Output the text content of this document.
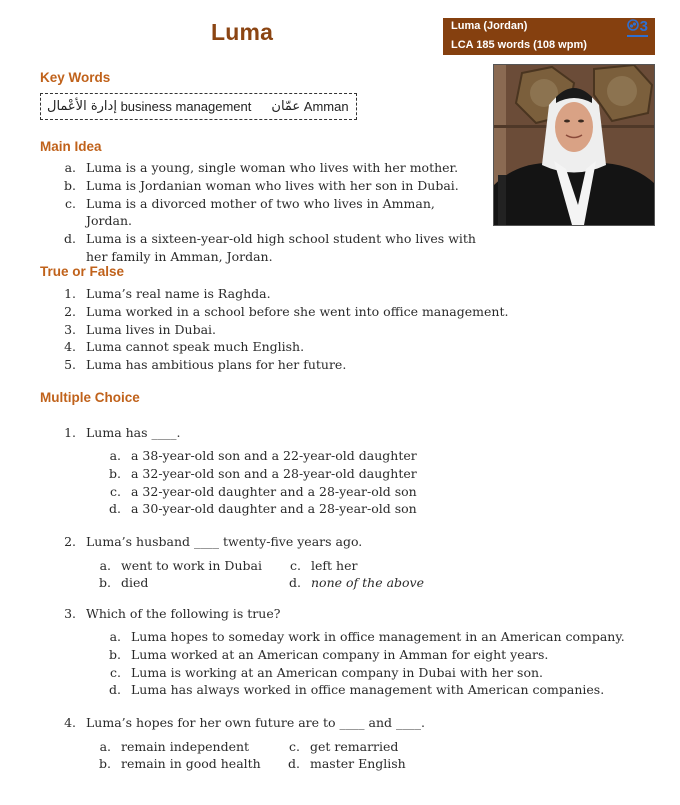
Luma	Luma (Jordan)
LCA 185 words (108 wpm)
3
Key Words
إدارة الأعْمال
business management عمّان
Amman
Main Idea
a. Luma is a young, single woman who lives with her mother.
b. Luma is Jordanian woman who lives with her son in Dubai.
c. Luma is a divorced mother of two who lives in Amman, Jordan.
d. Luma is a sixteen-year-old high school student who lives with
her family in Amman, Jordan.
True or False
1. Luma’s real name is Raghda.
2. Luma worked in a school before she went into office management.
3. Luma lives in Dubai.
4. Luma cannot speak much English.
5. Luma has ambitious plans for her future.
Multiple Choice
1. Luma has ____.
a. a 38-year-old son and a 22-year-old daughter
b. a 32-year-old son and a 28-year-old daughter
c. a 32-year-old daughter and a 28-year-old son
d. a 30-year-old daughter and a 28-year-old son
2. Luma’s husband ____ twenty-five years ago.
a. went to work in Dubai
b. died
c. left her
d. none of the above
3. Which of the following is true?
a. Luma hopes to someday work in office management in an American company.
b. Luma worked at an American company in Amman for eight years.
c. Luma is working at an American company in Dubai with her son.
d. Luma has always worked in office management with American companies.
4. Luma’s hopes for her own future are to ____ and ____.
a. remain independent
b. remain in good health
c. get remarried
d. master English
